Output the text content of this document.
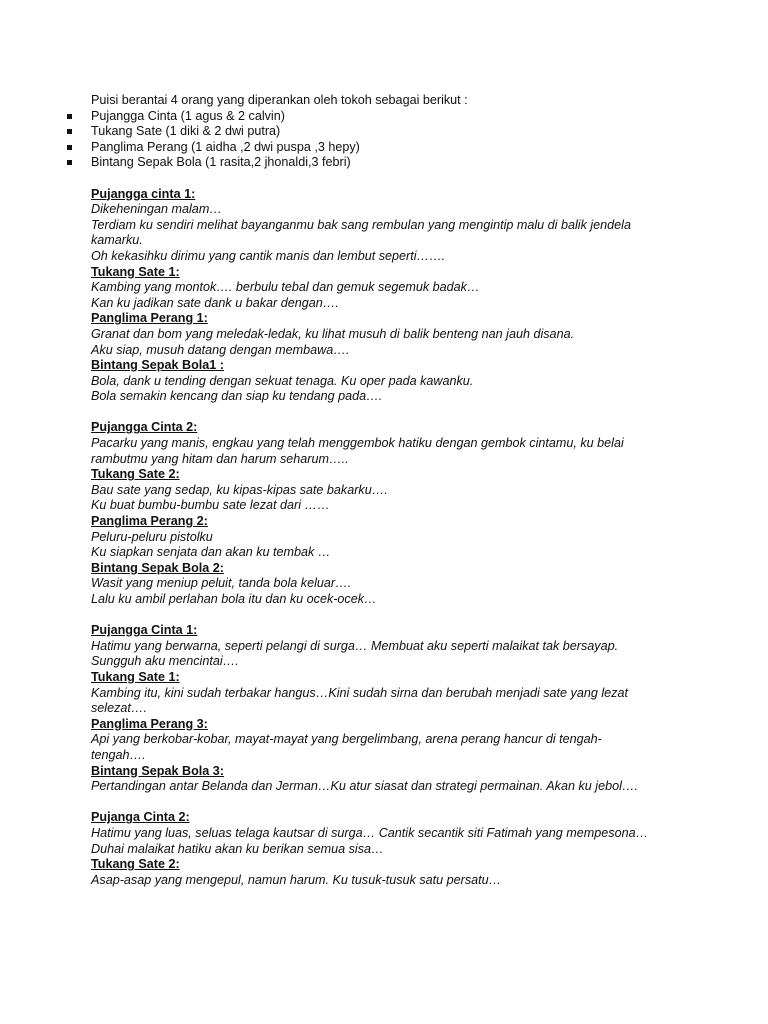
Puisi berantai 4 orang yang diperankan oleh tokoh sebagai berikut :

Pujangga Cinta (1 agus & 2 calvin)
Tukang Sate (1 diki & 2 dwi putra)
Panglima Perang (1 aidha ,2 dwi puspa ,3 hepy)
Bintang Sepak Bola (1 rasita,2 jhonaldi,3 febri)

Pujangga cinta 1:

Dikeheningan malam…

Terdiam ku sendiri melihat bayanganmu bak sang rembulan yang mengintip malu di balik jendela

kamarku.

Oh kekasihku dirimu yang cantik manis dan lembut seperti…….

Tukang Sate 1:

Kambing yang montok…. berbulu tebal dan gemuk segemuk badak…

Kan ku jadikan sate dank u bakar dengan….

Panglima Perang 1:

Granat dan bom yang meledak-ledak, ku lihat musuh di balik benteng nan jauh disana.

Aku siap, musuh datang dengan membawa….

Bintang Sepak Bola1 :

Bola, dank u tending dengan sekuat tenaga. Ku oper pada kawanku.

Bola semakin kencang dan siap ku tendang pada….

Pujangga Cinta 2:

Pacarku yang manis, engkau yang telah menggembok hatiku dengan gembok cintamu, ku belai

rambutmu yang hitam dan harum seharum…..

Tukang Sate 2:

Bau sate yang sedap, ku kipas-kipas sate bakarku….

Ku buat bumbu-bumbu sate lezat dari ……

Panglima Perang 2:

Peluru-peluru pistolku

Ku siapkan senjata dan akan ku tembak …

Bintang Sepak Bola 2:

Wasit yang meniup peluit, tanda bola keluar….

Lalu ku ambil perlahan bola itu dan ku ocek-ocek…

Pujangga Cinta 1:

Hatimu yang berwarna, seperti pelangi di surga… Membuat aku seperti malaikat tak bersayap.

Sungguh aku mencintai….

Tukang Sate 1:

Kambing itu, kini sudah terbakar hangus…Kini sudah sirna dan berubah menjadi sate yang lezat

selezat….

Panglima Perang 3:

Api yang berkobar-kobar, mayat-mayat yang bergelimbang, arena perang hancur di tengah-

tengah….

Bintang Sepak Bola 3:

Pertandingan antar Belanda dan Jerman…Ku atur siasat dan strategi permainan. Akan ku jebol….

Pujanga Cinta 2:

Hatimu yang luas, seluas telaga kautsar di surga… Cantik secantik siti Fatimah yang mempesona…

Duhai malaikat hatiku akan ku berikan semua sisa…

Tukang Sate 2:

Asap-asap yang mengepul, namun harum. Ku tusuk-tusuk satu persatu…
